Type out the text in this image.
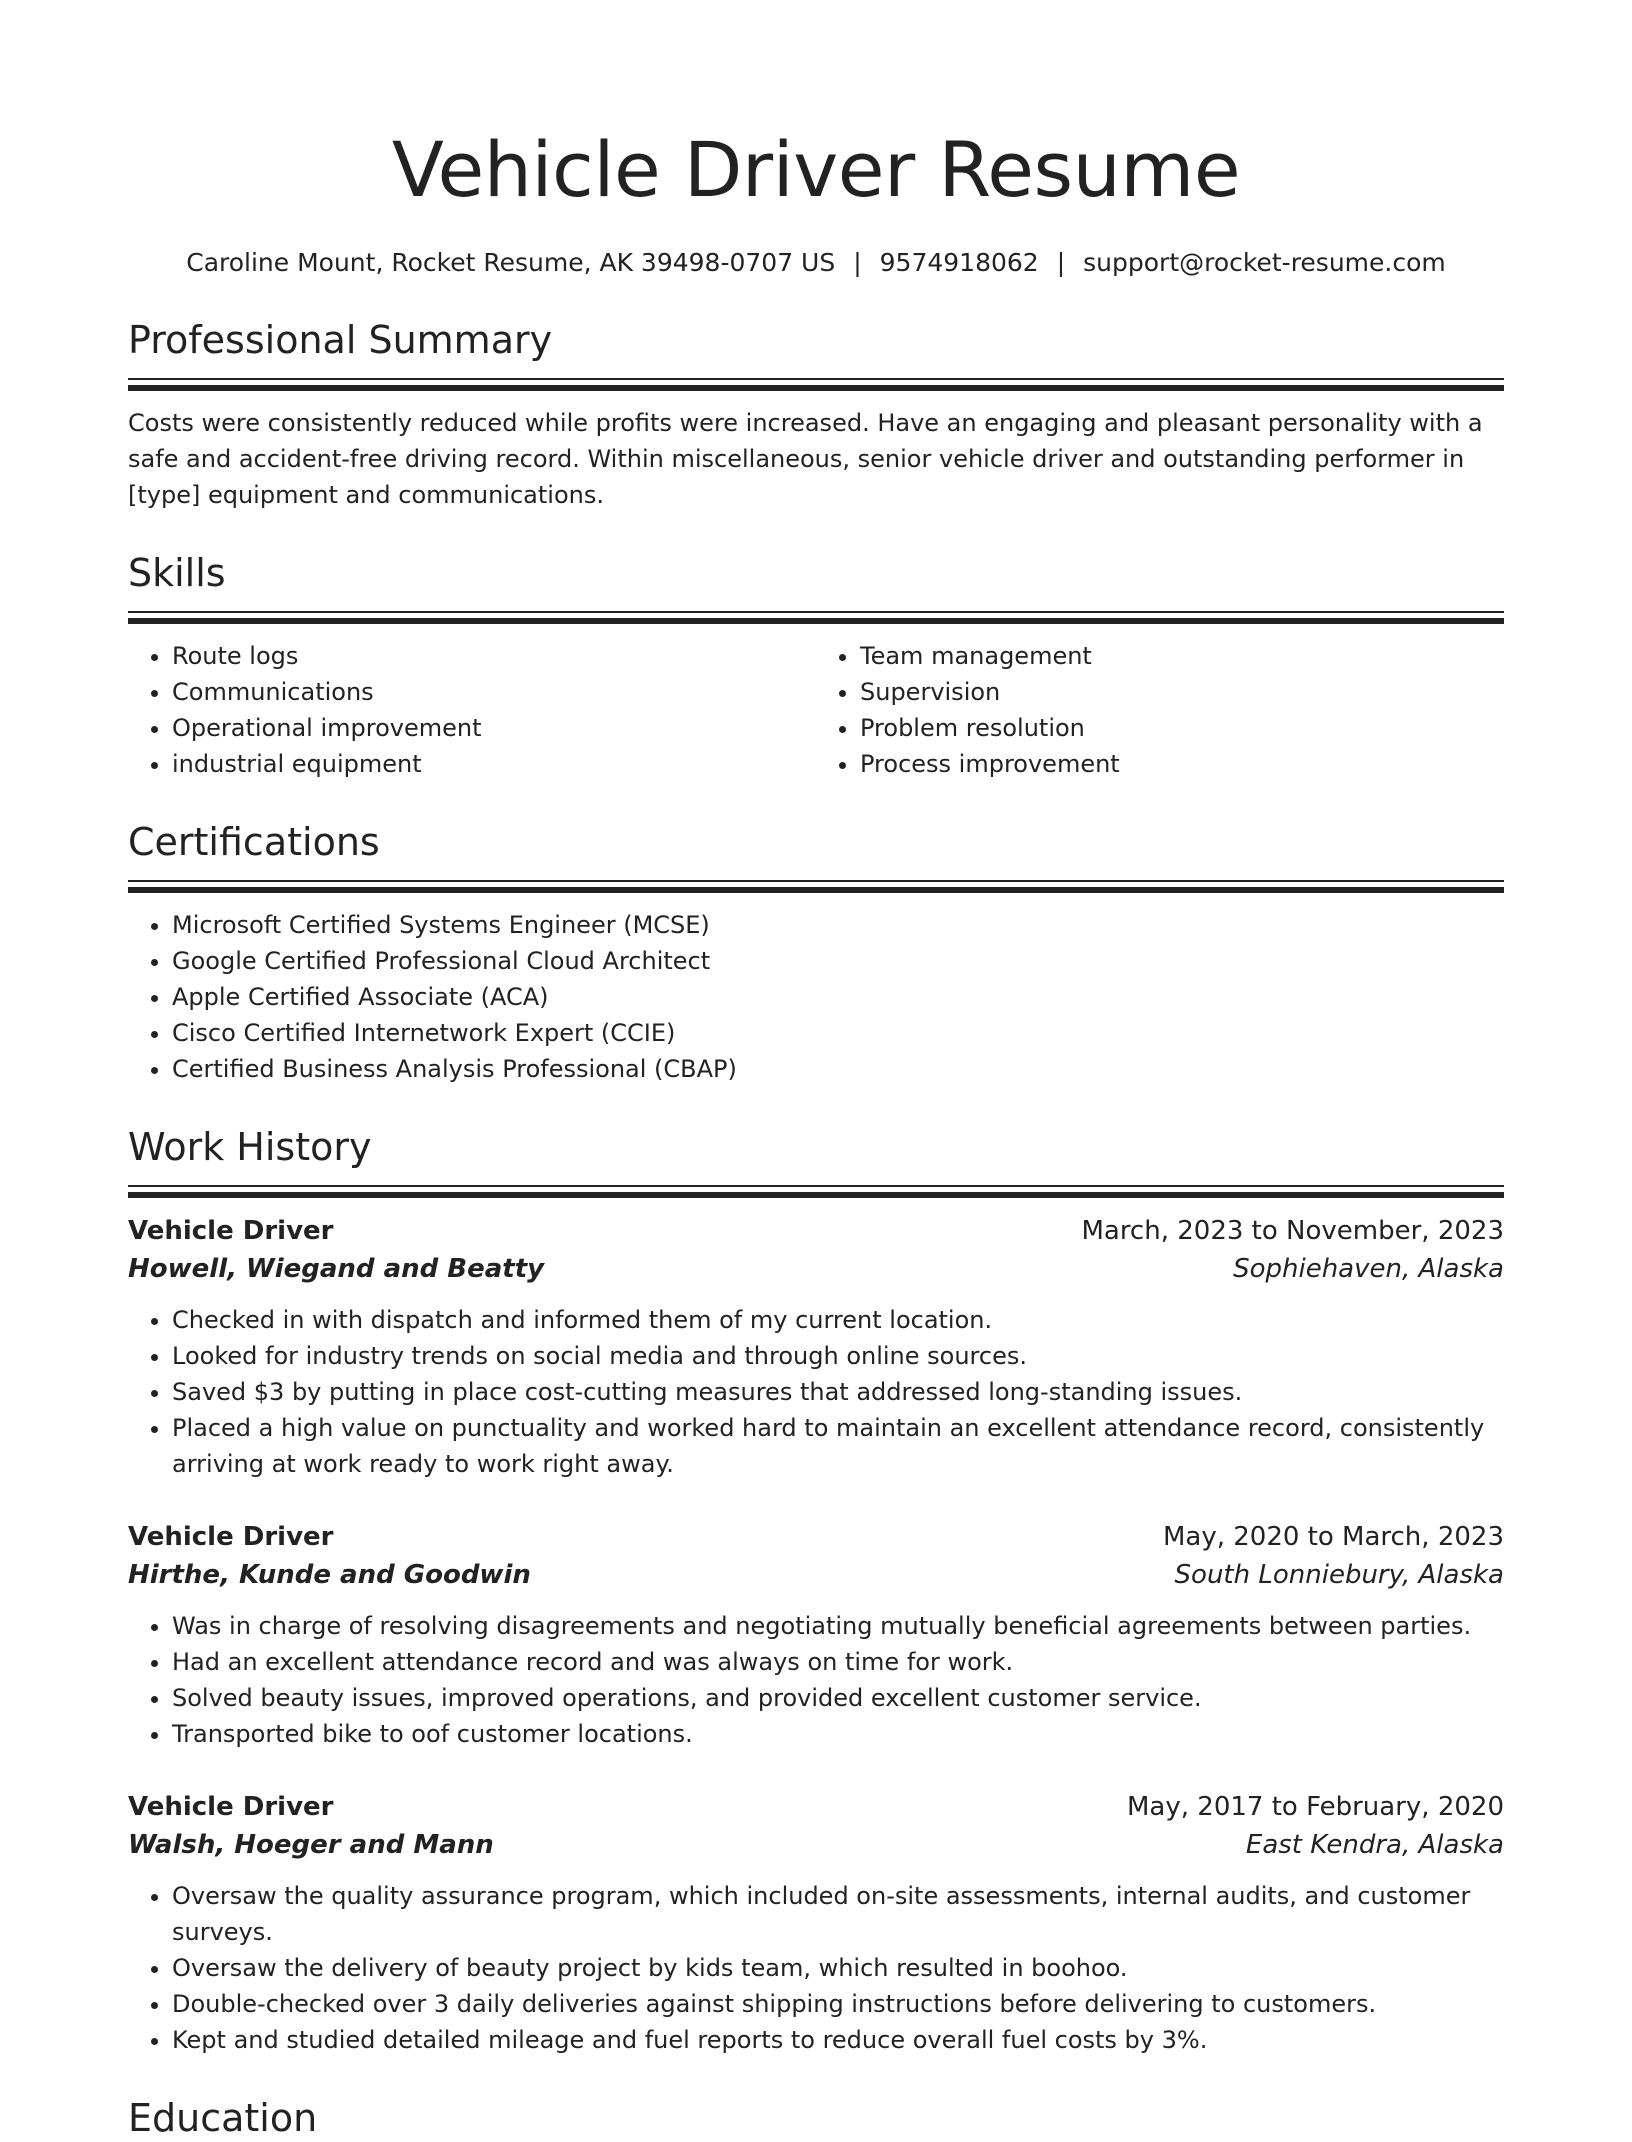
Vehicle Driver Resume
Caroline Mount, Rocket Resume, AK 39498-0707 US | 9574918062 | support@rocket-resume.com
Professional Summary
Costs were consistently reduced while profits were increased. Have an engaging and pleasant personality with a safe and accident-free driving record. Within miscellaneous, senior vehicle driver and outstanding performer in [type] equipment and communications.
Skills
• Route logs
• Communications
• Operational improvement
• industrial equipment
• Team management
• Supervision
• Problem resolution
• Process improvement
Certifications
• Microsoft Certified Systems Engineer (MCSE)
• Google Certified Professional Cloud Architect
• Apple Certified Associate (ACA)
• Cisco Certified Internetwork Expert (CCIE)
• Certified Business Analysis Professional (CBAP)
Work History
Vehicle Driver	March, 2023 to November, 2023
Howell, Wiegand and Beatty	Sophiehaven, Alaska
• Checked in with dispatch and informed them of my current location.
• Looked for industry trends on social media and through online sources.
• Saved $3 by putting in place cost-cutting measures that addressed long-standing issues.
• Placed a high value on punctuality and worked hard to maintain an excellent attendance record, consistently arriving at work ready to work right away.
Vehicle Driver	May, 2020 to March, 2023
Hirthe, Kunde and Goodwin	South Lonniebury, Alaska
• Was in charge of resolving disagreements and negotiating mutually beneficial agreements between parties.
• Had an excellent attendance record and was always on time for work.
• Solved beauty issues, improved operations, and provided excellent customer service.
• Transported bike to oof customer locations.
Vehicle Driver	May, 2017 to February, 2020
Walsh, Hoeger and Mann	East Kendra, Alaska
• Oversaw the quality assurance program, which included on-site assessments, internal audits, and customer surveys.
• Oversaw the delivery of beauty project by kids team, which resulted in boohoo.
• Double-checked over 3 daily deliveries against shipping instructions before delivering to customers.
• Kept and studied detailed mileage and fuel reports to reduce overall fuel costs by 3%.
Education
